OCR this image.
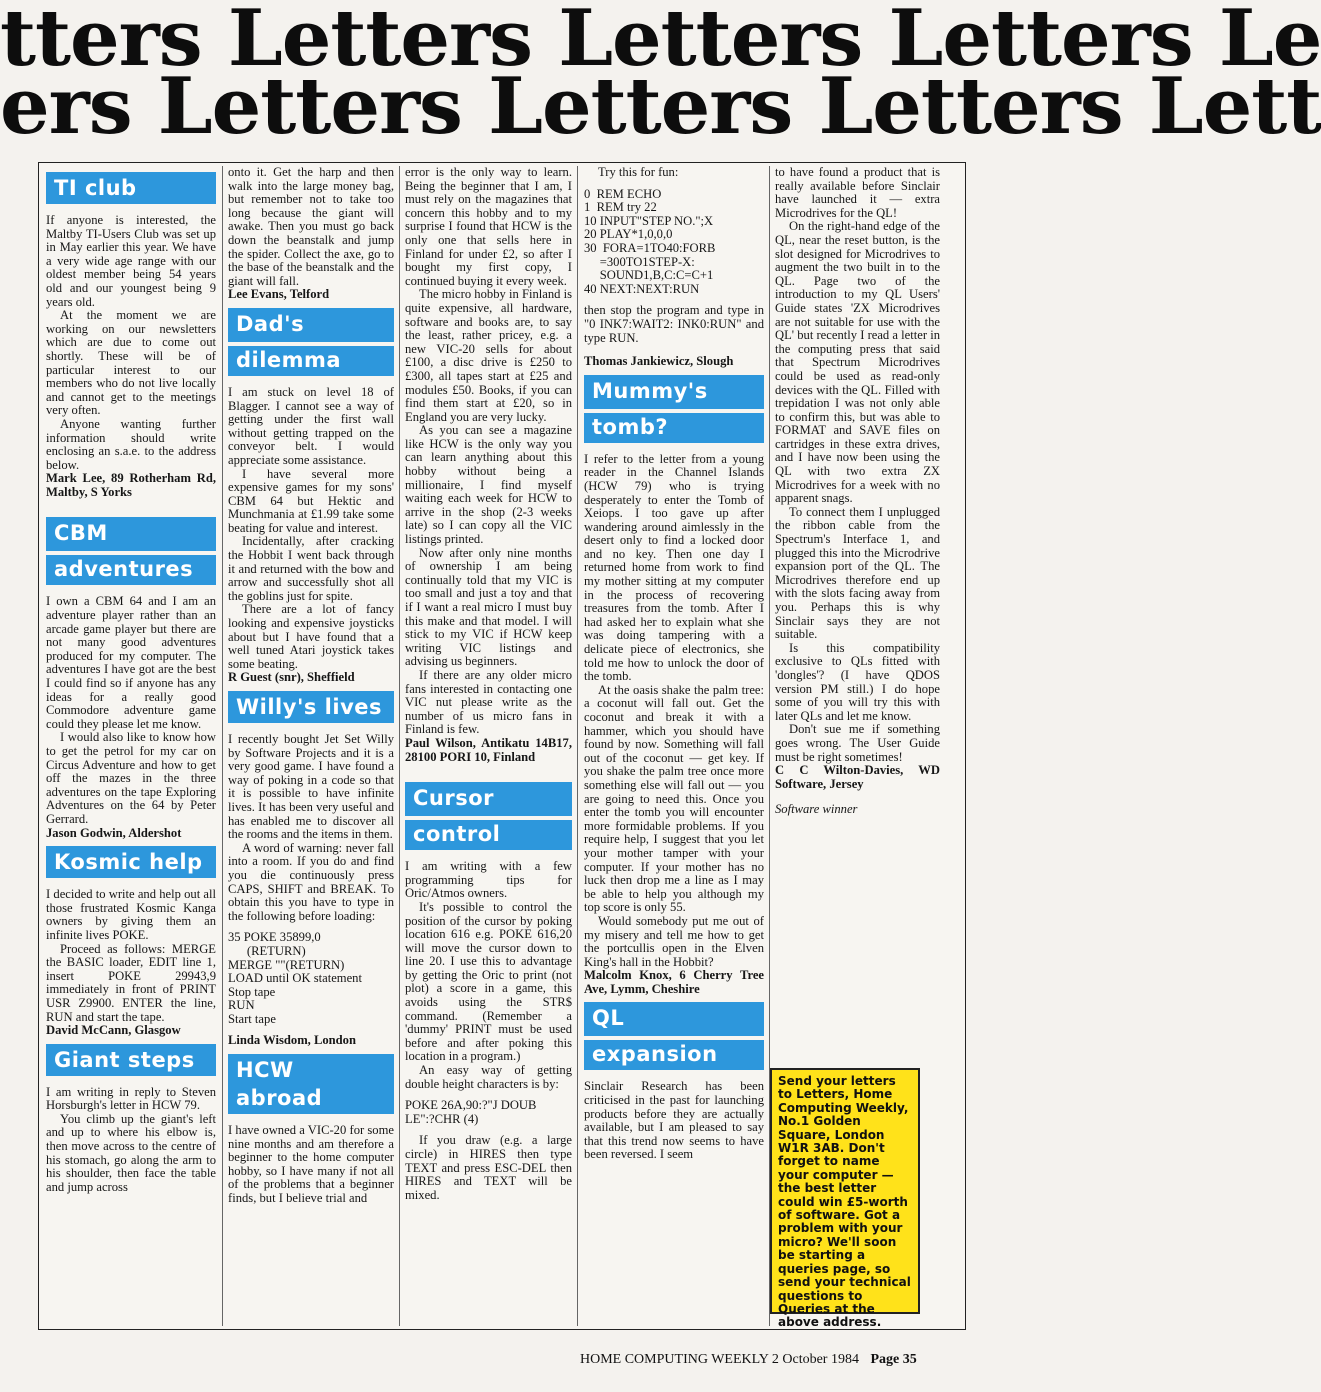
tters Letters Letters Letters Le
ers Letters Letters Letters Lett
TI club

If anyone is interested, the Maltby TI-Users Club was set up in May earlier this year. We have a very wide age range with our oldest member being 54 years old and our youngest being 9 years old.

At the moment we are working on our newsletters which are due to come out shortly. These will be of particular interest to our members who do not live locally and cannot get to the meetings very often.

Anyone wanting further information should write enclosing an s.a.e. to the address below.

Mark Lee, 89 Rotherham Rd, Maltby, S Yorks

CBM
adventures

I own a CBM 64 and I am an adventure player rather than an arcade game player but there are not many good adventures produced for my computer. The adventures I have got are the best I could find so if anyone has any ideas for a really good Commodore adventure game could they please let me know.

I would also like to know how to get the petrol for my car on Circus Adventure and how to get off the mazes in the three adventures on the tape Exploring Adventures on the 64 by Peter Gerrard.

Jason Godwin, Aldershot

Kosmic help

I decided to write and help out all those frustrated Kosmic Kanga owners by giving them an infinite lives POKE.

Proceed as follows: MERGE the BASIC loader, EDIT line 1, insert POKE 29943,9 immediately in front of PRINT USR Z9900. ENTER the line, RUN and start the tape.

David McCann, Glasgow

Giant steps

I am writing in reply to Steven Horsburgh's letter in HCW 79.

You climb up the giant's left and up to where his elbow is, then move across to the centre of his stomach, go along the arm to his shoulder, then face the table and jump across

onto it. Get the harp and then walk into the large money bag, but remember not to take too long because the giant will awake. Then you must go back down the beanstalk and jump the spider. Collect the axe, go to the base of the beanstalk and the giant will fall.

Lee Evans, Telford

Dad's
dilemma

I am stuck on level 18 of Blagger. I cannot see a way of getting under the first wall without getting trapped on the conveyor belt. I would appreciate some assistance.

I have several more expensive games for my sons' CBM 64 but Hektic and Munchmania at £1.99 take some beating for value and interest.

Incidentally, after cracking the Hobbit I went back through it and returned with the bow and arrow and successfully shot all the goblins just for spite.

There are a lot of fancy looking and expensive joysticks about but I have found that a well tuned Atari joystick takes some beating.

R Guest (snr), Sheffield

Willy's lives

I recently bought Jet Set Willy by Software Projects and it is a very good game. I have found a way of poking in a code so that it is possible to have infinite lives. It has been very useful and has enabled me to discover all the rooms and the items in them.

A word of warning: never fall into a room. If you do and find you die continuously press CAPS, SHIFT and BREAK. To obtain this you have to type in the following before loading:

35 POKE 35899,0
(RETURN)
MERGE ""(RETURN)
LOAD until OK statement
Stop tape
RUN
Start tape

Linda Wisdom, London

HCW abroad

I have owned a VIC-20 for some nine months and am therefore a beginner to the home computer hobby, so I have many if not all of the problems that a beginner finds, but I believe trial and

error is the only way to learn. Being the beginner that I am, I must rely on the magazines that concern this hobby and to my surprise I found that HCW is the only one that sells here in Finland for under £2, so after I bought my first copy, I continued buying it every week.

The micro hobby in Finland is quite expensive, all hardware, software and books are, to say the least, rather pricey, e.g. a new VIC-20 sells for about £100, a disc drive is £250 to £300, all tapes start at £25 and modules £50. Books, if you can find them start at £20, so in England you are very lucky.

As you can see a magazine like HCW is the only way you can learn anything about this hobby without being a millionaire, I find myself waiting each week for HCW to arrive in the shop (2-3 weeks late) so I can copy all the VIC listings printed.

Now after only nine months of ownership I am being continually told that my VIC is too small and just a toy and that if I want a real micro I must buy this make and that model. I will stick to my VIC if HCW keep writing VIC listings and advising us beginners.

If there are any older micro fans interested in contacting one VIC nut please write as the number of us micro fans in Finland is few.

Paul Wilson, Antikatu 14B17, 28100 PORI 10, Finland

Cursor
control

I am writing with a few programming tips for Oric/Atmos owners.

It's possible to control the position of the cursor by poking location 616 e.g. POKE 616,20 will move the cursor down to line 20. I use this to advantage by getting the Oric to print (not plot) a score in a game, this avoids using the STR$ command. (Remember a 'dummy' PRINT must be used before and after poking this location in a program.)

An easy way of getting double height characters is by:

POKE 26A,90:?"J DOUB
LE":?CHR (4)

If you draw (e.g. a large circle) in HIRES then type TEXT and press ESC-DEL then HIRES and TEXT will be mixed.

Try this for fun:

0  REM ECHO
1  REM try 22
10 INPUT"STEP NO.";X
20 PLAY*1,0,0,0
30  FORA=1TO40:FORB
=300TO1STEP-X:
SOUND1,B,C:C=C+1
40 NEXT:NEXT:RUN

then stop the program and type in "0 INK7:WAIT2: INK0:RUN" and type RUN.

Thomas Jankiewicz, Slough

Mummy's
tomb?

I refer to the letter from a young reader in the Channel Islands (HCW 79) who is trying desperately to enter the Tomb of Xeiops. I too gave up after wandering around aimlessly in the desert only to find a locked door and no key. Then one day I returned home from work to find my mother sitting at my computer in the process of recovering treasures from the tomb. After I had asked her to explain what she was doing tampering with a delicate piece of electronics, she told me how to unlock the door of the tomb.

At the oasis shake the palm tree: a coconut will fall out. Get the coconut and break it with a hammer, which you should have found by now. Something will fall out of the coconut — get key. If you shake the palm tree once more something else will fall out — you are going to need this. Once you enter the tomb you will encounter more formidable problems. If you require help, I suggest that you let your mother tamper with your computer. If your mother has no luck then drop me a line as I may be able to help you although my top score is only 55.

Would somebody put me out of my misery and tell me how to get the portcullis open in the Elven King's hall in the Hobbit?

Malcolm Knox, 6 Cherry Tree Ave, Lymm, Cheshire

QL
expansion

Sinclair Research has been criticised in the past for launching products before they are actually available, but I am pleased to say that this trend now seems to have been reversed. I seem

to have found a product that is really available before Sinclair have launched it — extra Microdrives for the QL!

On the right-hand edge of the QL, near the reset button, is the slot designed for Microdrives to augment the two built in to the QL. Page two of the introduction to my QL Users' Guide states 'ZX Microdrives are not suitable for use with the QL' but recently I read a letter in the computing press that said that Spectrum Microdrives could be used as read-only devices with the QL. Filled with trepidation I was not only able to confirm this, but was able to FORMAT and SAVE files on cartridges in these extra drives, and I have now been using the QL with two extra ZX Microdrives for a week with no apparent snags.

To connect them I unplugged the ribbon cable from the Spectrum's Interface 1, and plugged this into the Microdrive expansion port of the QL. The Microdrives therefore end up with the slots facing away from you. Perhaps this is why Sinclair says they are not suitable.

Is this compatibility exclusive to QLs fitted with 'dongles'? (I have QDOS version PM still.) I do hope some of you will try this with later QLs and let me know.

Don't sue me if something goes wrong. The User Guide must be right sometimes!

C C Wilton-Davies, WD Software, Jersey

Software winner

Send your letters to Letters, Home Computing Weekly, No.1 Golden Square, London W1R 3AB. Don't forget to name your computer — the best letter could win £5-worth of software. Got a problem with your micro? We'll soon be starting a queries page, so send your technical questions to Queries at the above address.
HOME COMPUTING WEEKLY 2 October 1984 Page 35
